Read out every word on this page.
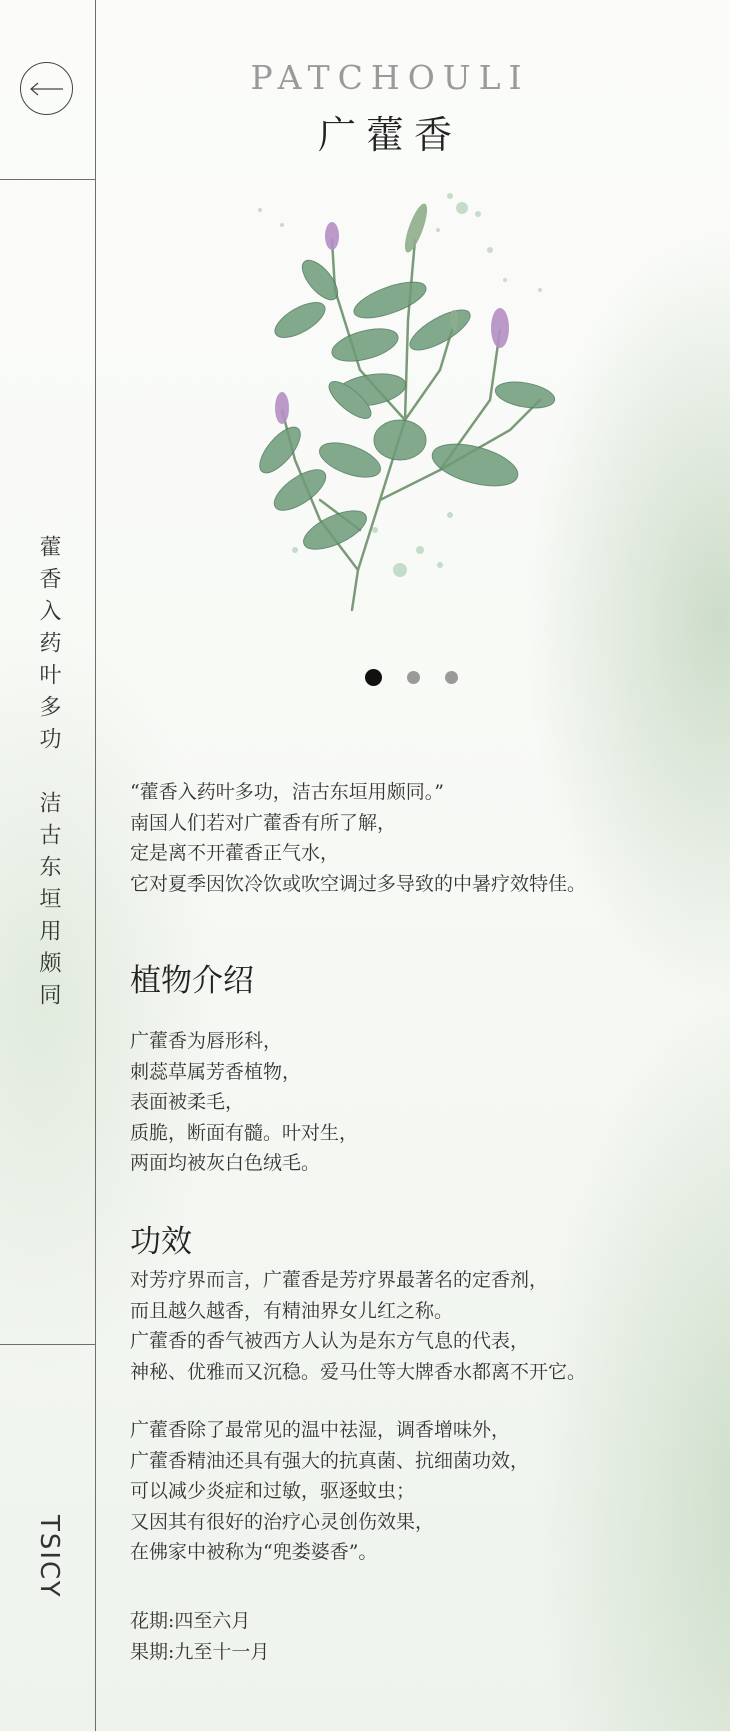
藿香入药叶多功　洁古东垣用颇同
TSICY
PATCHOULI
广藿香
“藿香入药叶多功，洁古东垣用颇同。”
南国人们若对广藿香有所了解，
定是离不开藿香正气水，
它对夏季因饮冷饮或吹空调过多导致的中暑疗效特佳。
植物介绍
广藿香为唇形科，
刺蕊草属芳香植物，
表面被柔毛，
质脆，断面有髓。叶对生，
两面均被灰白色绒毛。
功效
对芳疗界而言，广藿香是芳疗界最著名的定香剂，
而且越久越香，有精油界女儿红之称。
广藿香的香气被西方人认为是东方气息的代表，
神秘、优雅而又沉稳。爱马仕等大牌香水都离不开它。
广藿香除了最常见的温中祛湿，调香增味外，
广藿香精油还具有强大的抗真菌、抗细菌功效，
可以减少炎症和过敏，驱逐蚊虫；
又因其有很好的治疗心灵创伤效果，
在佛家中被称为“兜娄婆香”。
花期:四至六月
果期:九至十一月
